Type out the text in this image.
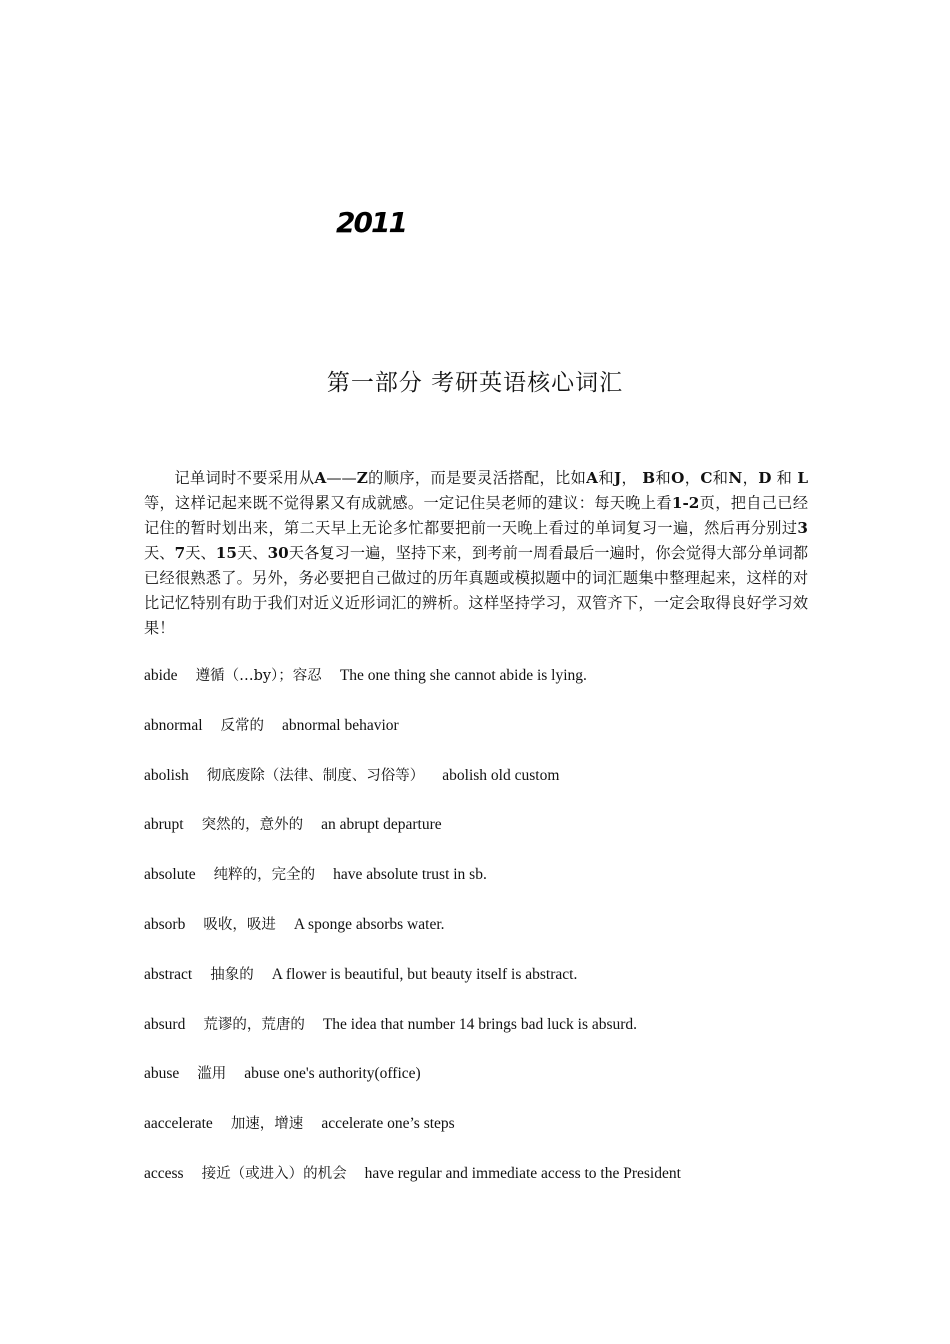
2011
第一部分 考研英语核心词汇
记单词时不要采用从A——Z的顺序，而是要灵活搭配，比如A和J， B和O，C和N，D 和 L 等，这样记起来既不觉得累又有成就感。一定记住吴老师的建议：每天晚上看1-2页，把自己已经记住的暂时划出来，第二天早上无论多忙都要把前一天晚上看过的单词复习一遍，然后再分别过3天、7天、15天、30天各复习一遍，坚持下来，到考前一周看最后一遍时，你会觉得大部分单词都已经很熟悉了。另外，务必要把自己做过的历年真题或模拟题中的词汇题集中整理起来，这样的对比记忆特别有助于我们对近义近形词汇的辨析。这样坚持学习，双管齐下，一定会取得良好学习效果！
abide 遵循（…by）；容忍 The one thing she cannot abide is lying.
abnormal 反常的 abnormal behavior
abolish 彻底废除（法律、制度、习俗等） abolish old custom
abrupt 突然的，意外的 an abrupt departure
absolute 纯粹的，完全的 have absolute trust in sb.
absorb 吸收，吸进 A sponge absorbs water.
abstract 抽象的 A flower is beautiful, but beauty itself is abstract.
absurd 荒谬的，荒唐的 The idea that number 14 brings bad luck is absurd.
abuse 滥用 abuse one's authority(office)
aaccelerate 加速，增速 accelerate one’s steps
access 接近（或进入）的机会 have regular and immediate access to the President
